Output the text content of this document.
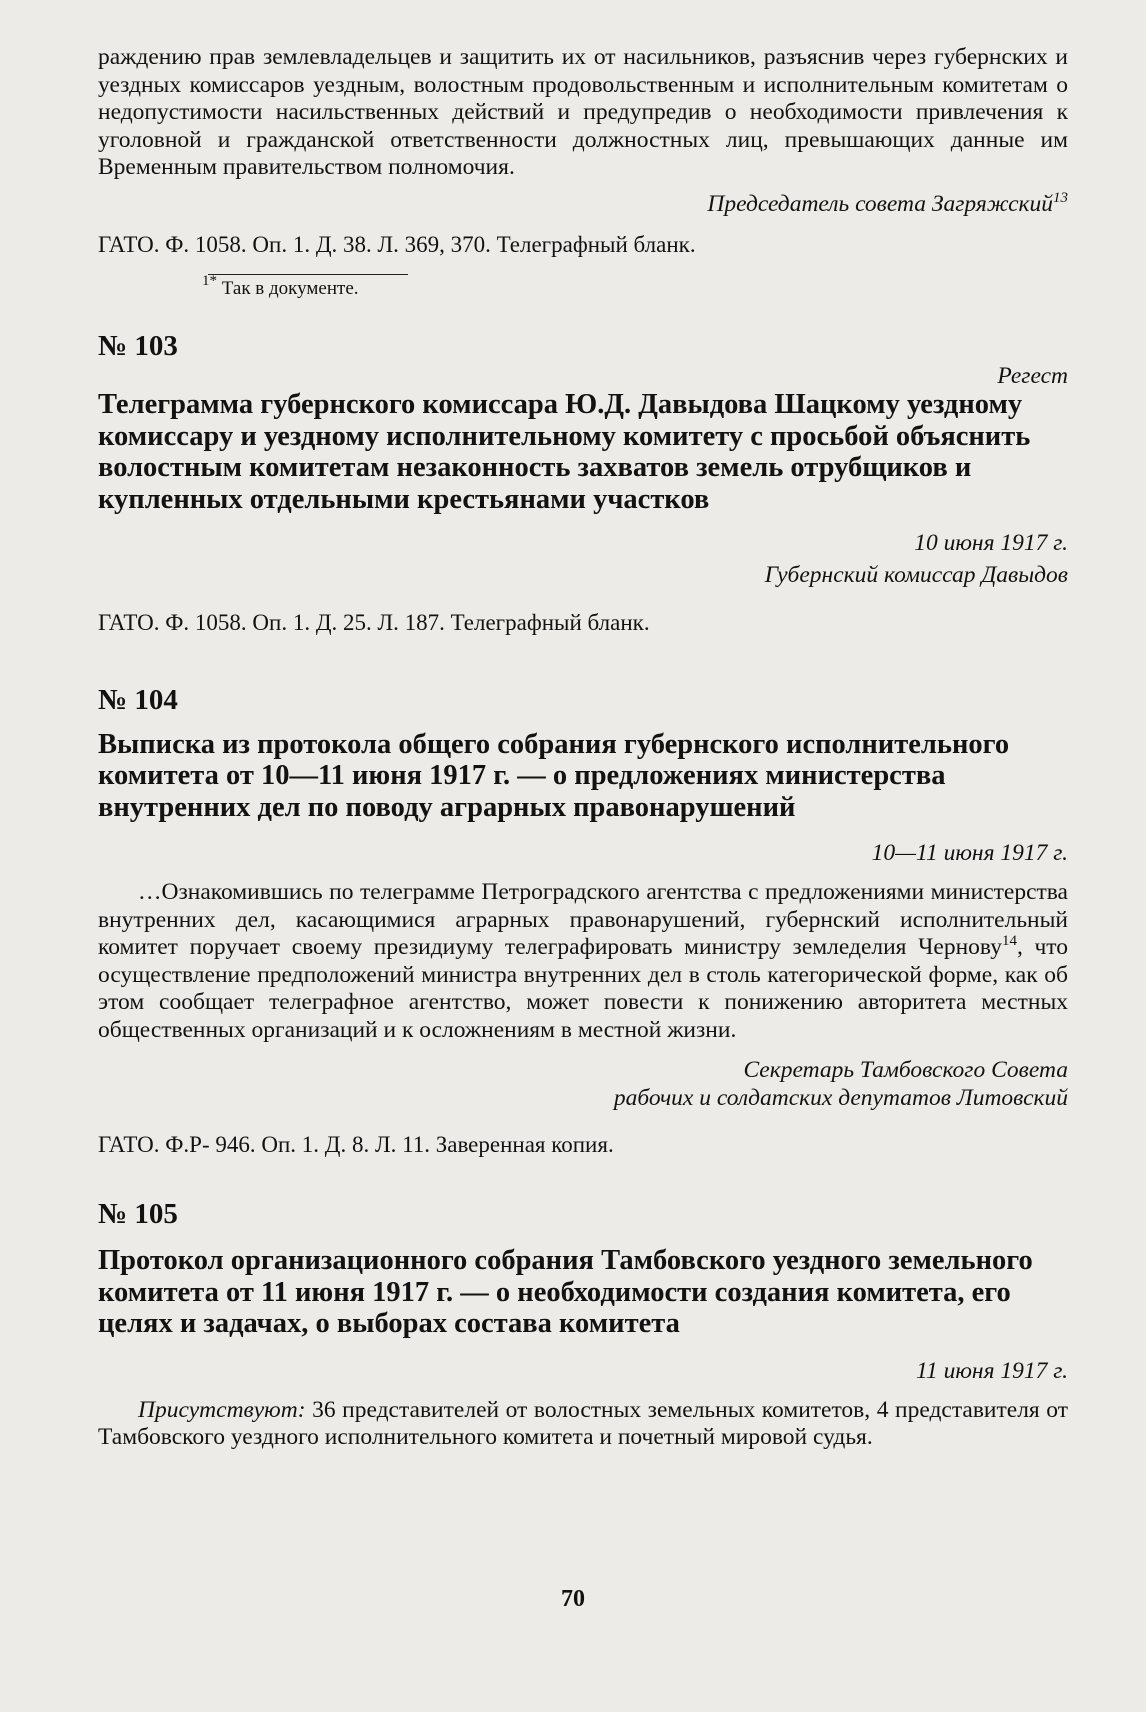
раждению прав землевладельцев и защитить их от насильников, разъяснив через губернских и уездных комиссаров уездным, волостным продовольственным и исполнительным комитетам о недопустимости насильственных действий и предупредив о необходимости привлечения к уголовной и гражданской ответственности должностных лиц, превышающих данные им Временным правительством полномочия.

Председатель совета Загряжский$^{13}$

ГАТО. Ф. 1058. Оп. 1. Д. 38. Л. 369, 370. Телеграфный бланк.

$^{1*}$ Так в документе.

№ 103

Регест

Телеграмма губернского комиссара Ю.Д. Давыдова Шацкому уездному комиссару и уездному исполнительному комитету с просьбой объяснить волостным комитетам незаконность захватов земель отрубщиков и купленных отдельными крестьянами участков

10 июня 1917 г.

Губернский комиссар Давыдов

ГАТО. Ф. 1058. Оп. 1. Д. 25. Л. 187. Телеграфный бланк.

№ 104

Выписка из протокола общего собрания губернского исполнительного комитета от 10—11 июня 1917 г. — о предложениях министерства внутренних дел по поводу аграрных правонарушений

10—11 июня 1917 г.

…Ознакомившись по телеграмме Петроградского агентства с предложениями министерства внутренних дел, касающимися аграрных правонарушений, губернский исполнительный комитет поручает своему президиуму телеграфировать министру земледелия Чернову$^{14}$, что осуществление предположений министра внутренних дел в столь категорической форме, как об этом сообщает телеграфное агентство, может повести к понижению авторитета местных общественных организаций и к осложнениям в местной жизни.

Секретарь Тамбовского Совета

рабочих и солдатских депутатов Литовский

ГАТО. Ф.Р- 946. Оп. 1. Д. 8. Л. 11. Заверенная копия.

№ 105

Протокол организационного собрания Тамбовского уездного земельного комитета от 11 июня 1917 г. — о необходимости создания комитета, его целях и задачах, о выборах состава комитета

11 июня 1917 г.

Присутствуют: 36 представителей от волостных земельных комитетов, 4 представителя от Тамбовского уездного исполнительного комитета и почетный мировой судья.

70
